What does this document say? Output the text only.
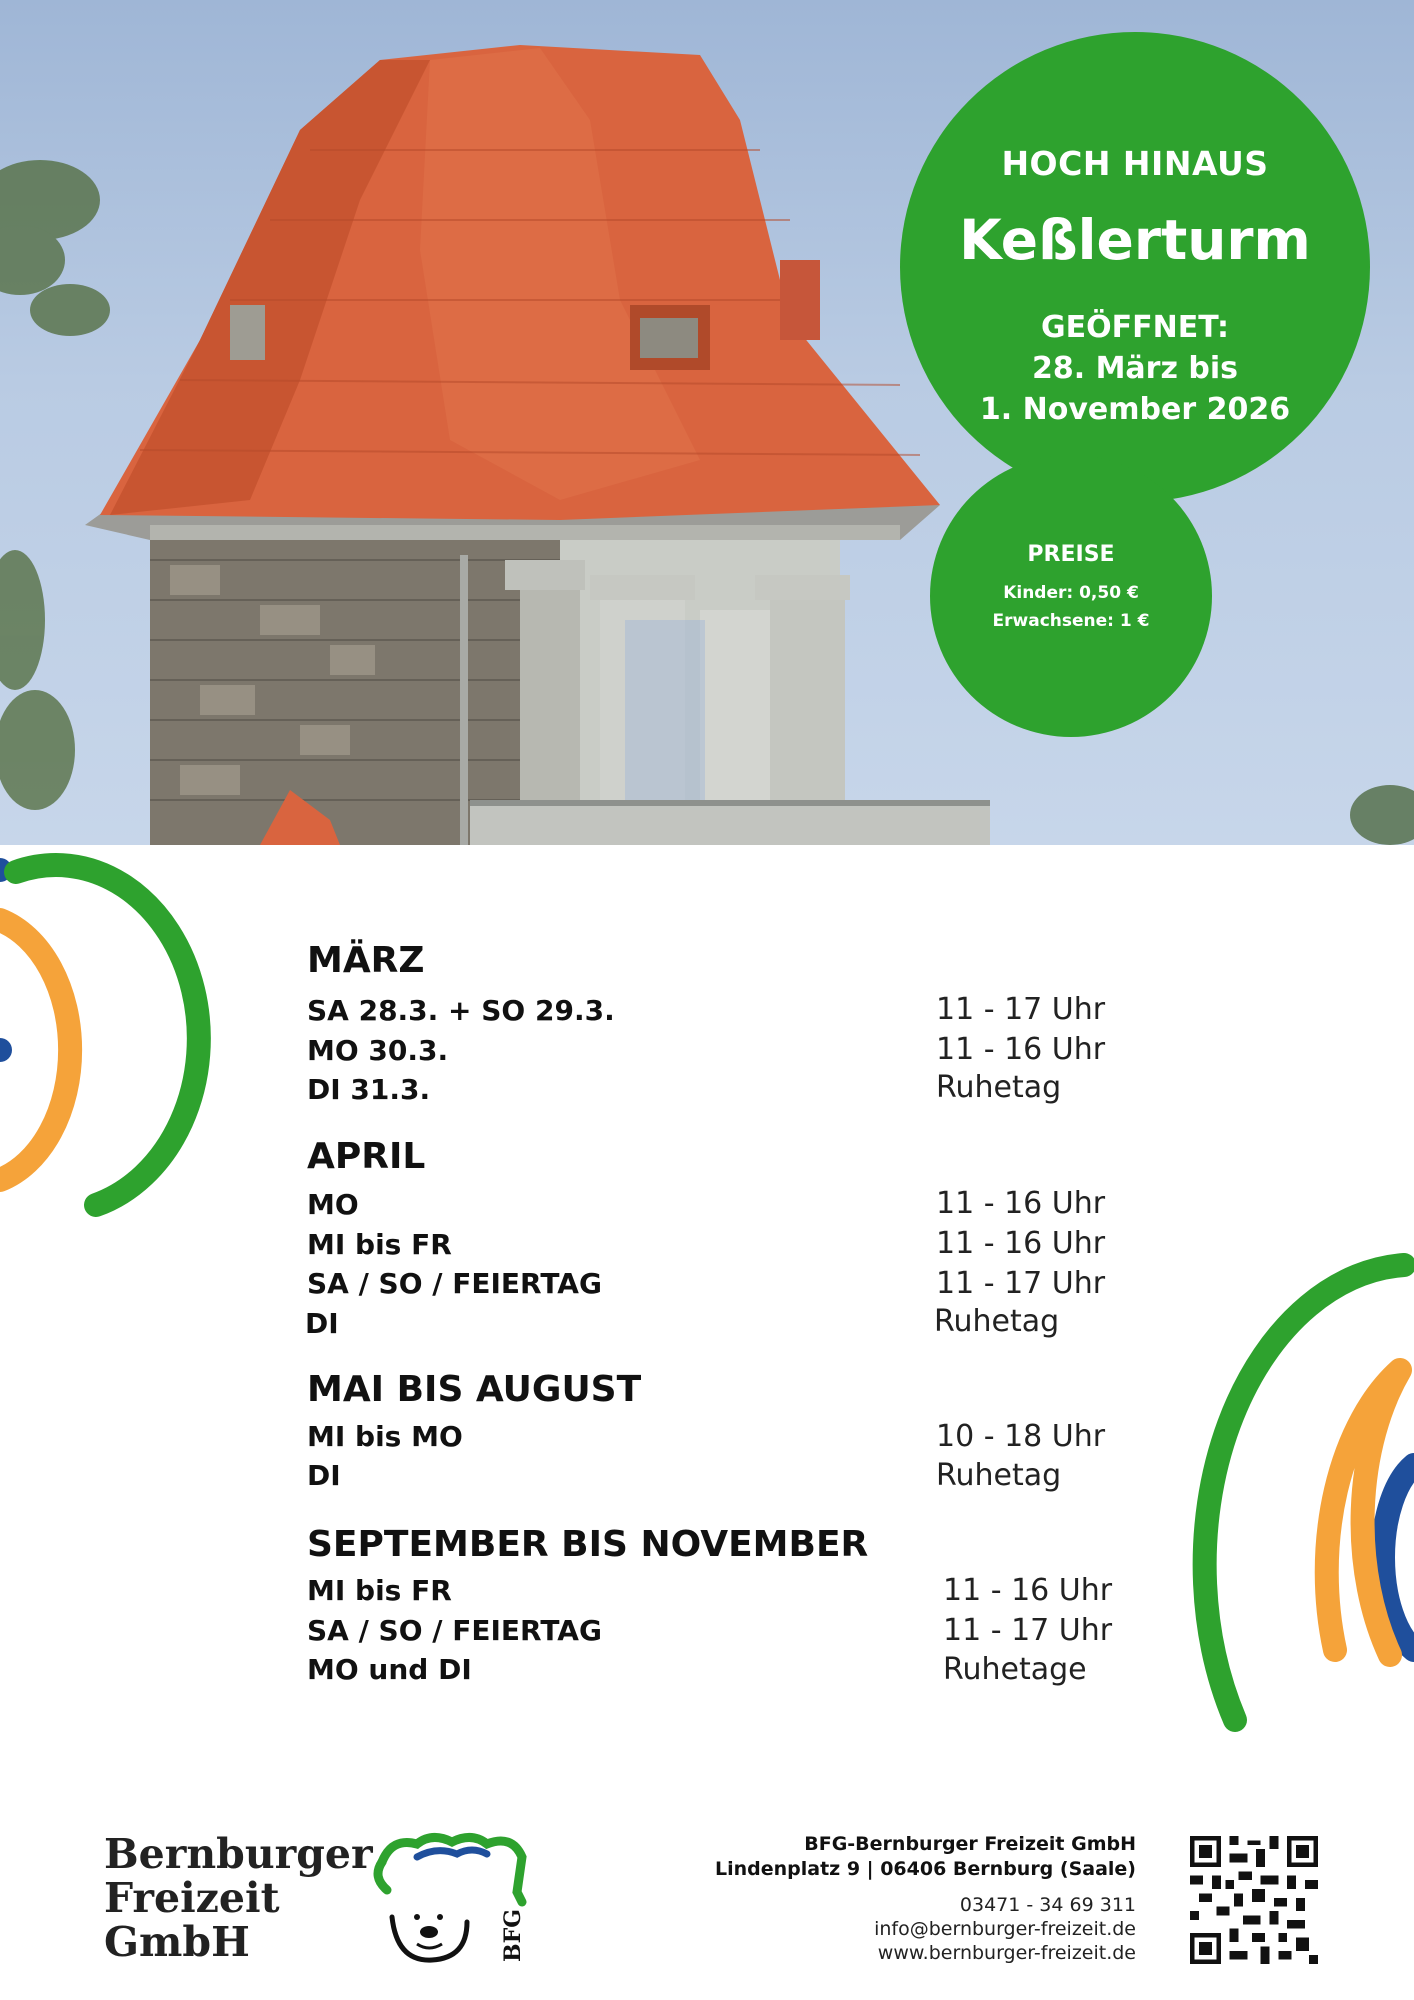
HOCH HINAUS
Keßlerturm
GEÖFFNET:
28. März bis
1. November 2026
PREISE
Kinder: 0,50 €
Erwachsene: 1 €
MÄRZ
SA 28.3. + SO 29.3.	11 - 17 Uhr
MO 30.3.	11 - 16 Uhr
DI 31.3.	Ruhetag
APRIL
MO	11 - 16 Uhr
MI bis FR	11 - 16 Uhr
SA / SO / FEIERTAG	11 - 17 Uhr
DI	Ruhetag
MAI BIS AUGUST
MI bis MO	10 - 18 Uhr
DI	Ruhetag
SEPTEMBER BIS NOVEMBER
MI bis FR	11 - 16 Uhr
SA / SO / FEIERTAG	11 - 17 Uhr
MO und DI	Ruhetage
Bernburger
Freizeit
GmbH	BFG
BFG-Bernburger Freizeit GmbH
Lindenplatz 9 | 06406 Bernburg (Saale)
03471 - 34 69 311
info@bernburger-freizeit.de
www.bernburger-freizeit.de
